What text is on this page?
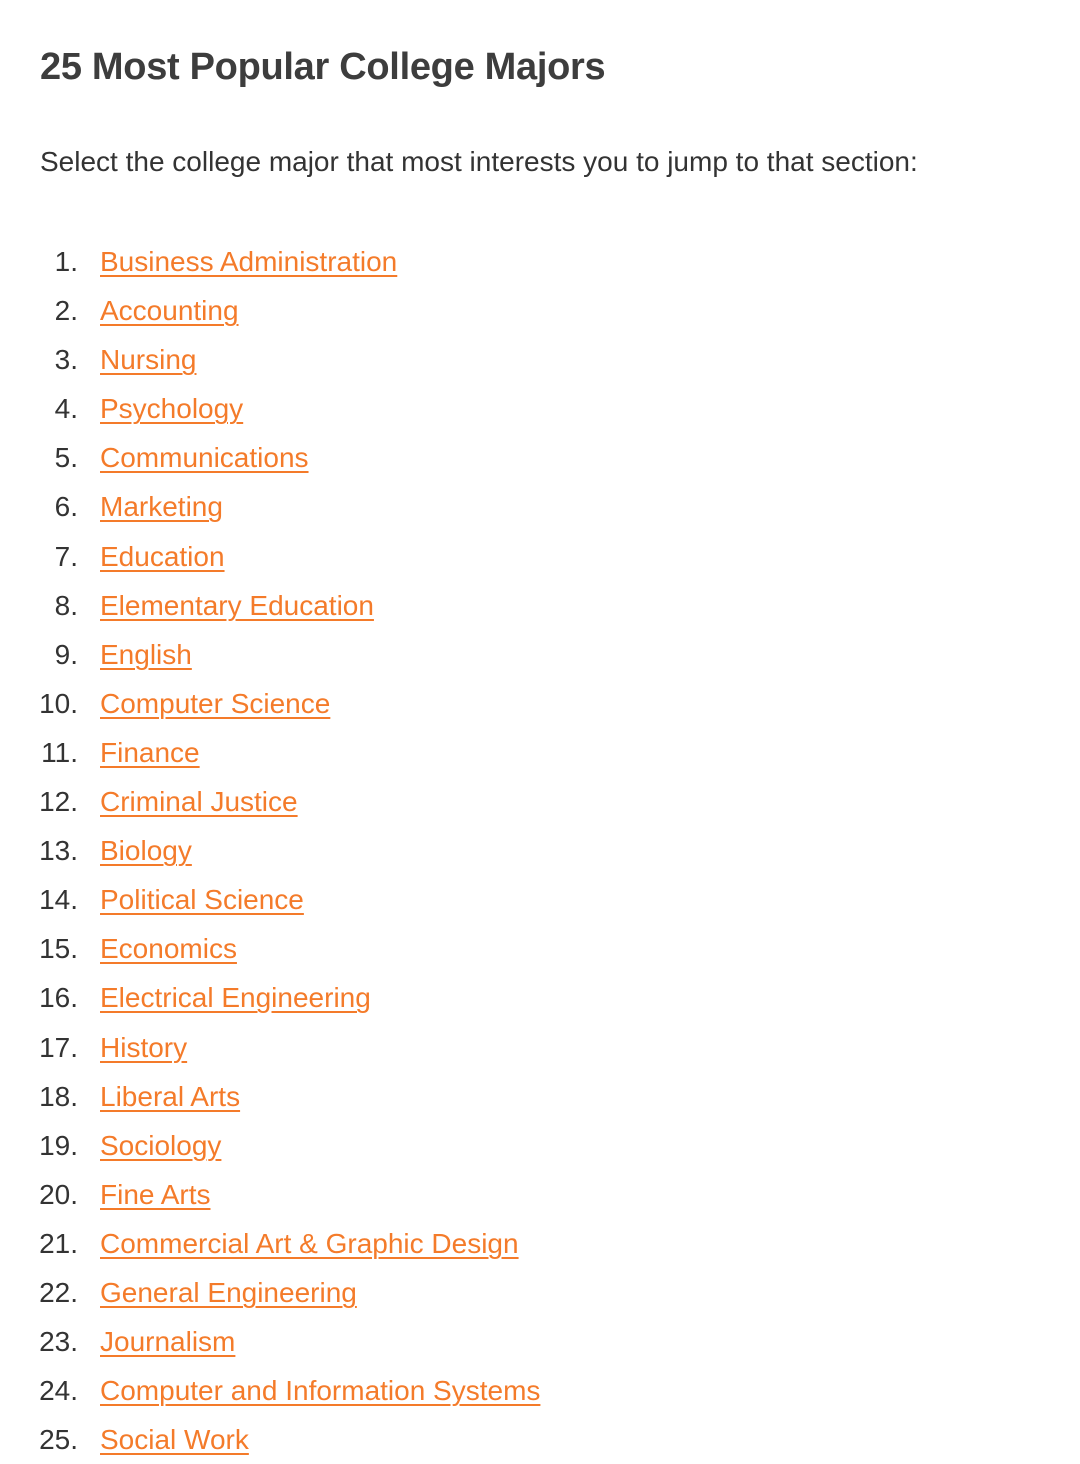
25 Most Popular College Majors

Select the college major that most interests you to jump to that section:

1. Business Administration
2. Accounting
3. Nursing
4. Psychology
5. Communications
6. Marketing
7. Education
8. Elementary Education
9. English
10. Computer Science
11. Finance
12. Criminal Justice
13. Biology
14. Political Science
15. Economics
16. Electrical Engineering
17. History
18. Liberal Arts
19. Sociology
20. Fine Arts
21. Commercial Art & Graphic Design
22. General Engineering
23. Journalism
24. Computer and Information Systems
25. Social Work
